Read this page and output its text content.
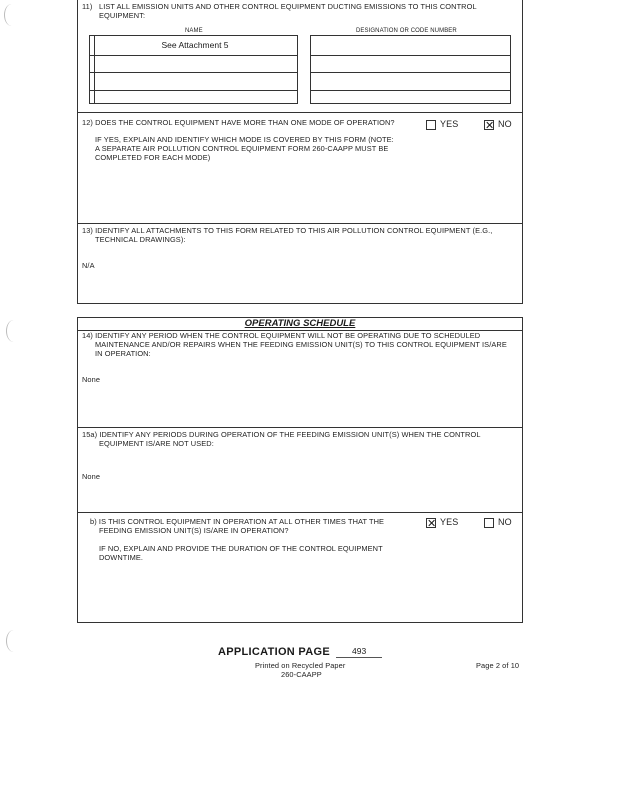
11) LIST ALL EMISSION UNITS AND OTHER CONTROL EQUIPMENT DUCTING EMISSIONS TO THIS CONTROL
EQUIPMENT:
NAME	DESIGNATION OR CODE NUMBER
See Attachment 5
12) DOES THE CONTROL EQUIPMENT HAVE MORE THAN ONE MODE OF OPERATION?	YES ✕ NO
IF YES, EXPLAIN AND IDENTIFY WHICH MODE IS COVERED BY THIS FORM (NOTE:
A SEPARATE AIR POLLUTION CONTROL EQUIPMENT FORM 260-CAAPP MUST BE
COMPLETED FOR EACH MODE)
13) IDENTIFY ALL ATTACHMENTS TO THIS FORM RELATED TO THIS AIR POLLUTION CONTROL EQUIPMENT (E.G.,
TECHNICAL DRAWINGS):
N/A
OPERATING SCHEDULE
14) IDENTIFY ANY PERIOD WHEN THE CONTROL EQUIPMENT WILL NOT BE OPERATING DUE TO SCHEDULED
MAINTENANCE AND/OR REPAIRS WHEN THE FEEDING EMISSION UNIT(S) TO THIS CONTROL EQUIPMENT IS/ARE
IN OPERATION:
None
15a) IDENTIFY ANY PERIODS DURING OPERATION OF THE FEEDING EMISSION UNIT(S) WHEN THE CONTROL
EQUIPMENT IS/ARE NOT USED:
None
b) IS THIS CONTROL EQUIPMENT IN OPERATION AT ALL OTHER TIMES THAT THE
FEEDING EMISSION UNIT(S) IS/ARE IN OPERATION?
✕ YES	NO
IF NO, EXPLAIN AND PROVIDE THE DURATION OF THE CONTROL EQUIPMENT
DOWNTIME.
APPLICATION PAGE	493
Printed on Recycled Paper
260-CAAPP
Page 2 of 10
